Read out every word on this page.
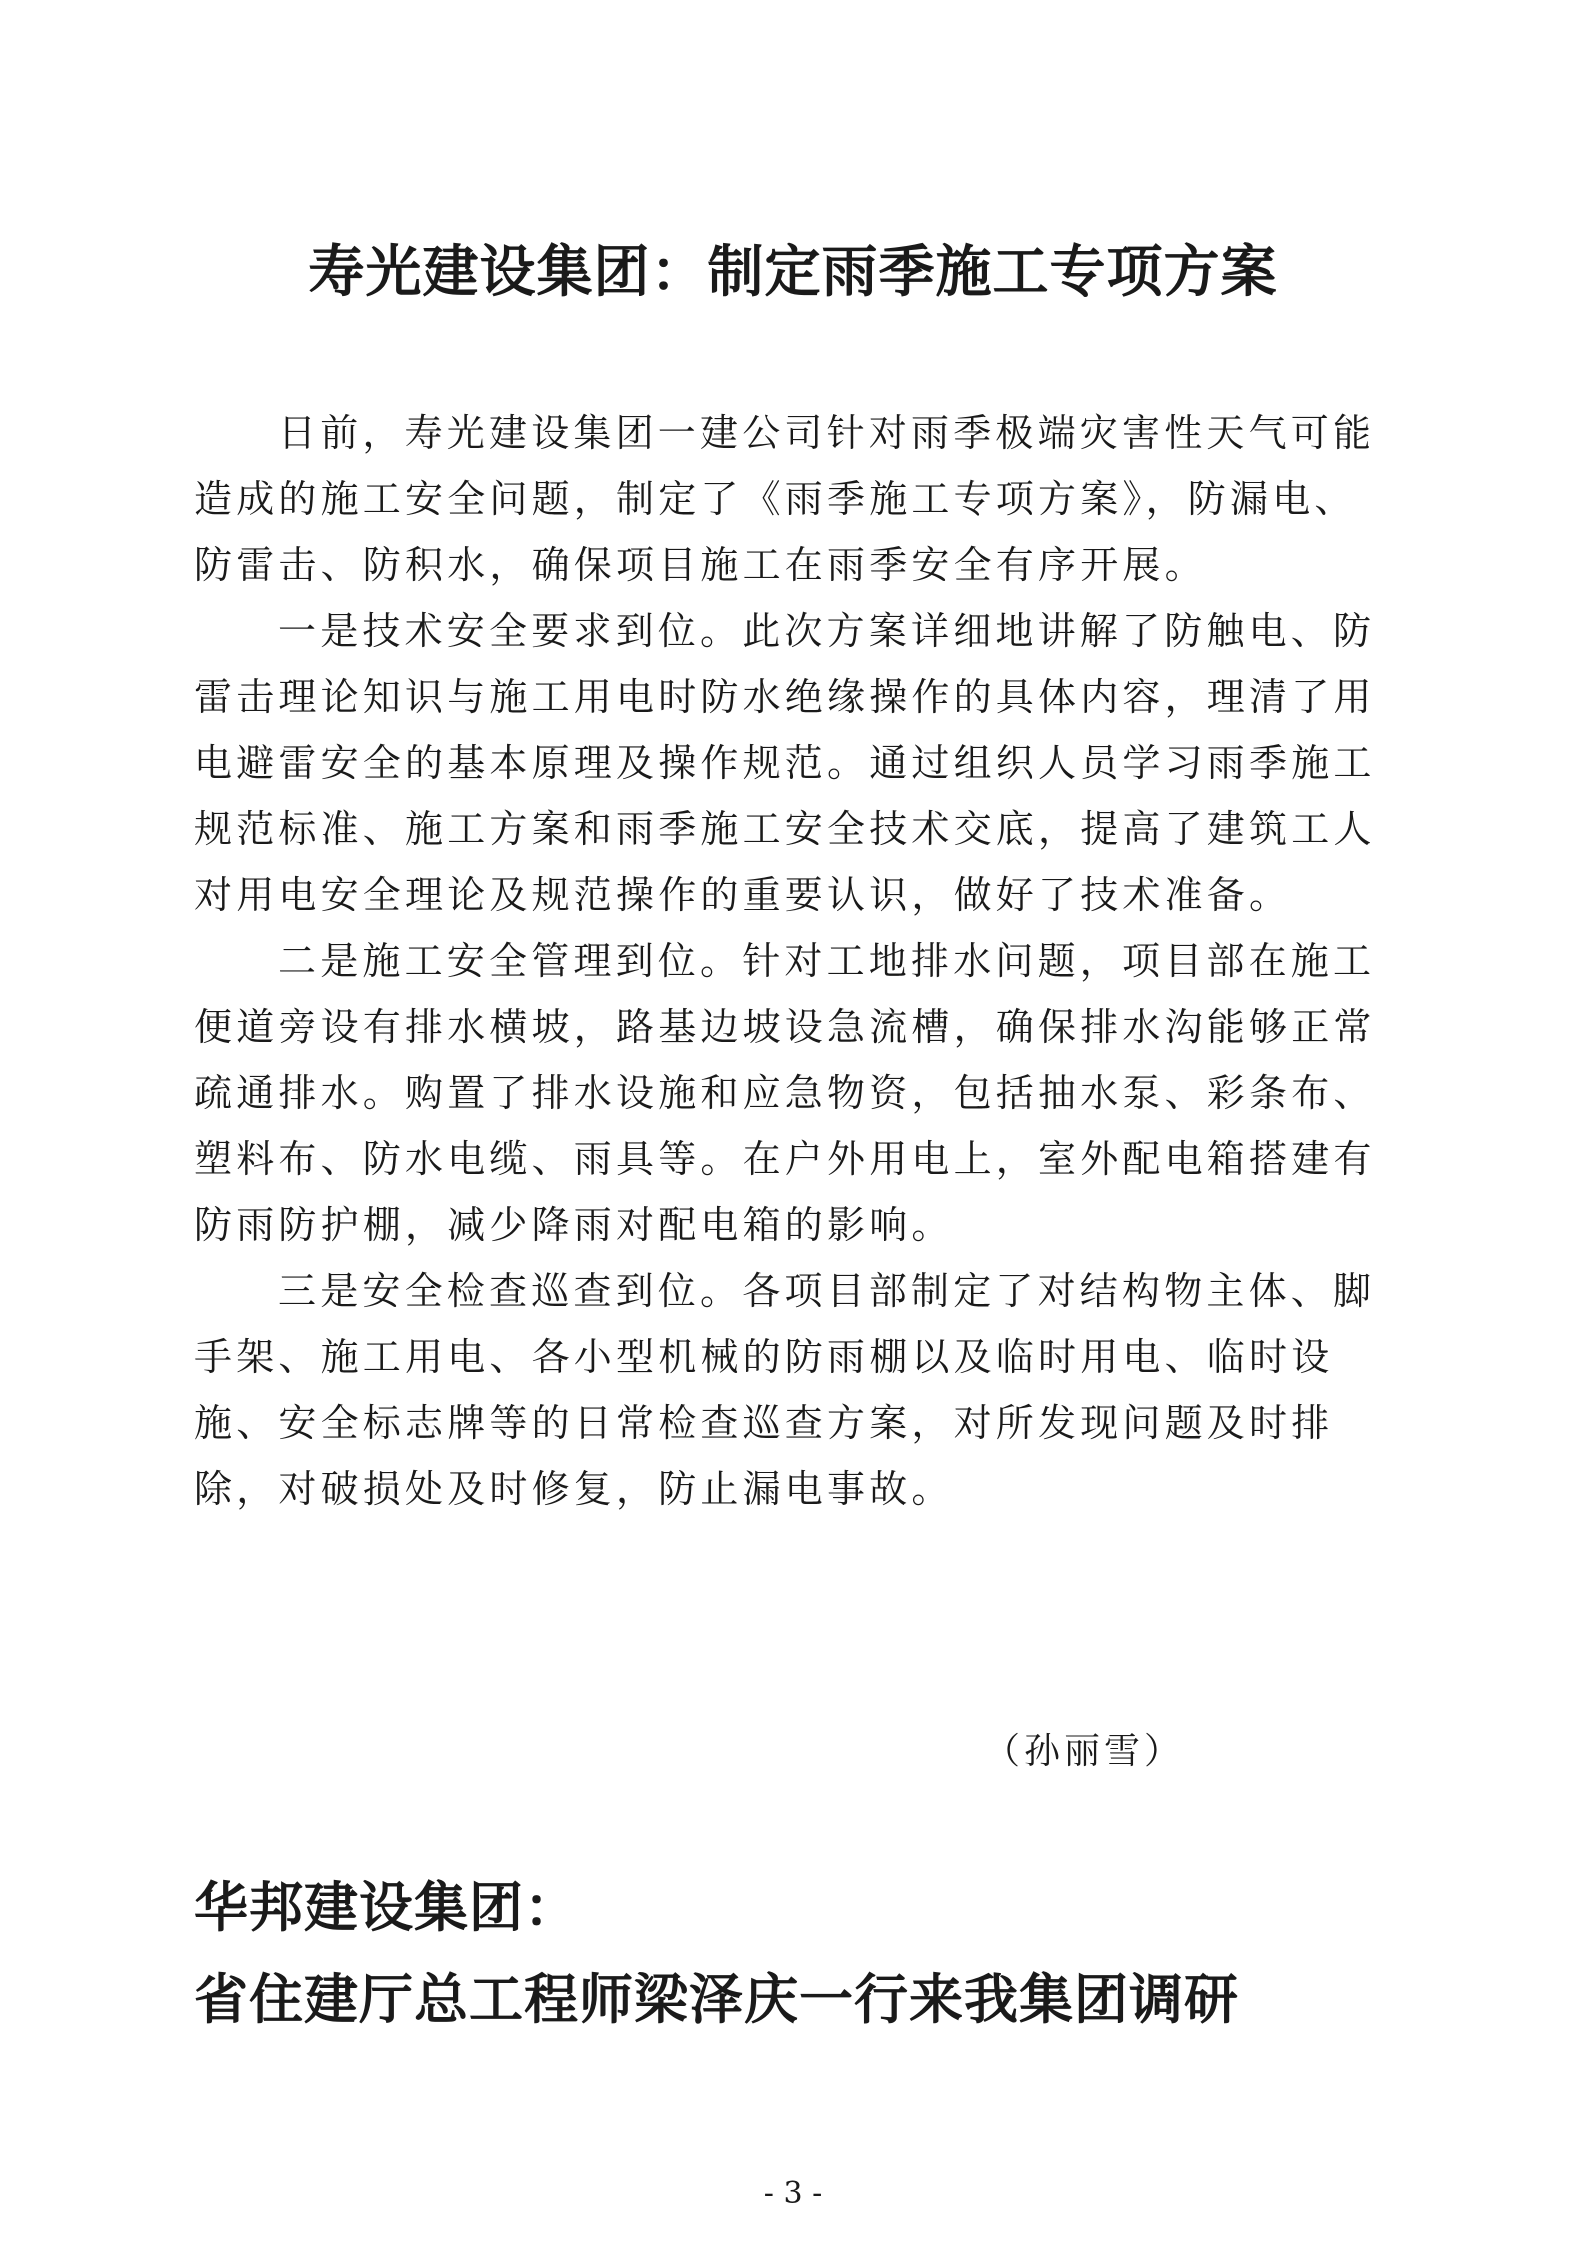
寿光建设集团：制定雨季施工专项方案

日前，寿光建设集团一建公司针对雨季极端灾害性天气可能
造成的施工安全问题，制定了《雨季施工专项方案》，防漏电、
防雷击、防积水，确保项目施工在雨季安全有序开展。

一是技术安全要求到位。此次方案详细地讲解了防触电、防
雷击理论知识与施工用电时防水绝缘操作的具体内容，理清了用
电避雷安全的基本原理及操作规范。通过组织人员学习雨季施工
规范标准、施工方案和雨季施工安全技术交底，提高了建筑工人
对用电安全理论及规范操作的重要认识，做好了技术准备。

二是施工安全管理到位。针对工地排水问题，项目部在施工
便道旁设有排水横坡，路基边坡设急流槽，确保排水沟能够正常
疏通排水。购置了排水设施和应急物资，包括抽水泵、彩条布、
塑料布、防水电缆、雨具等。在户外用电上，室外配电箱搭建有
防雨防护棚，减少降雨对配电箱的影响。

三是安全检查巡查到位。各项目部制定了对结构物主体、脚
手架、施工用电、各小型机械的防雨棚以及临时用电、临时设
施、安全标志牌等的日常检查巡查方案，对所发现问题及时排
除，对破损处及时修复，防止漏电事故。

（孙丽雪）

华邦建设集团：
省住建厅总工程师梁泽庆一行来我集团调研

- 3 -
